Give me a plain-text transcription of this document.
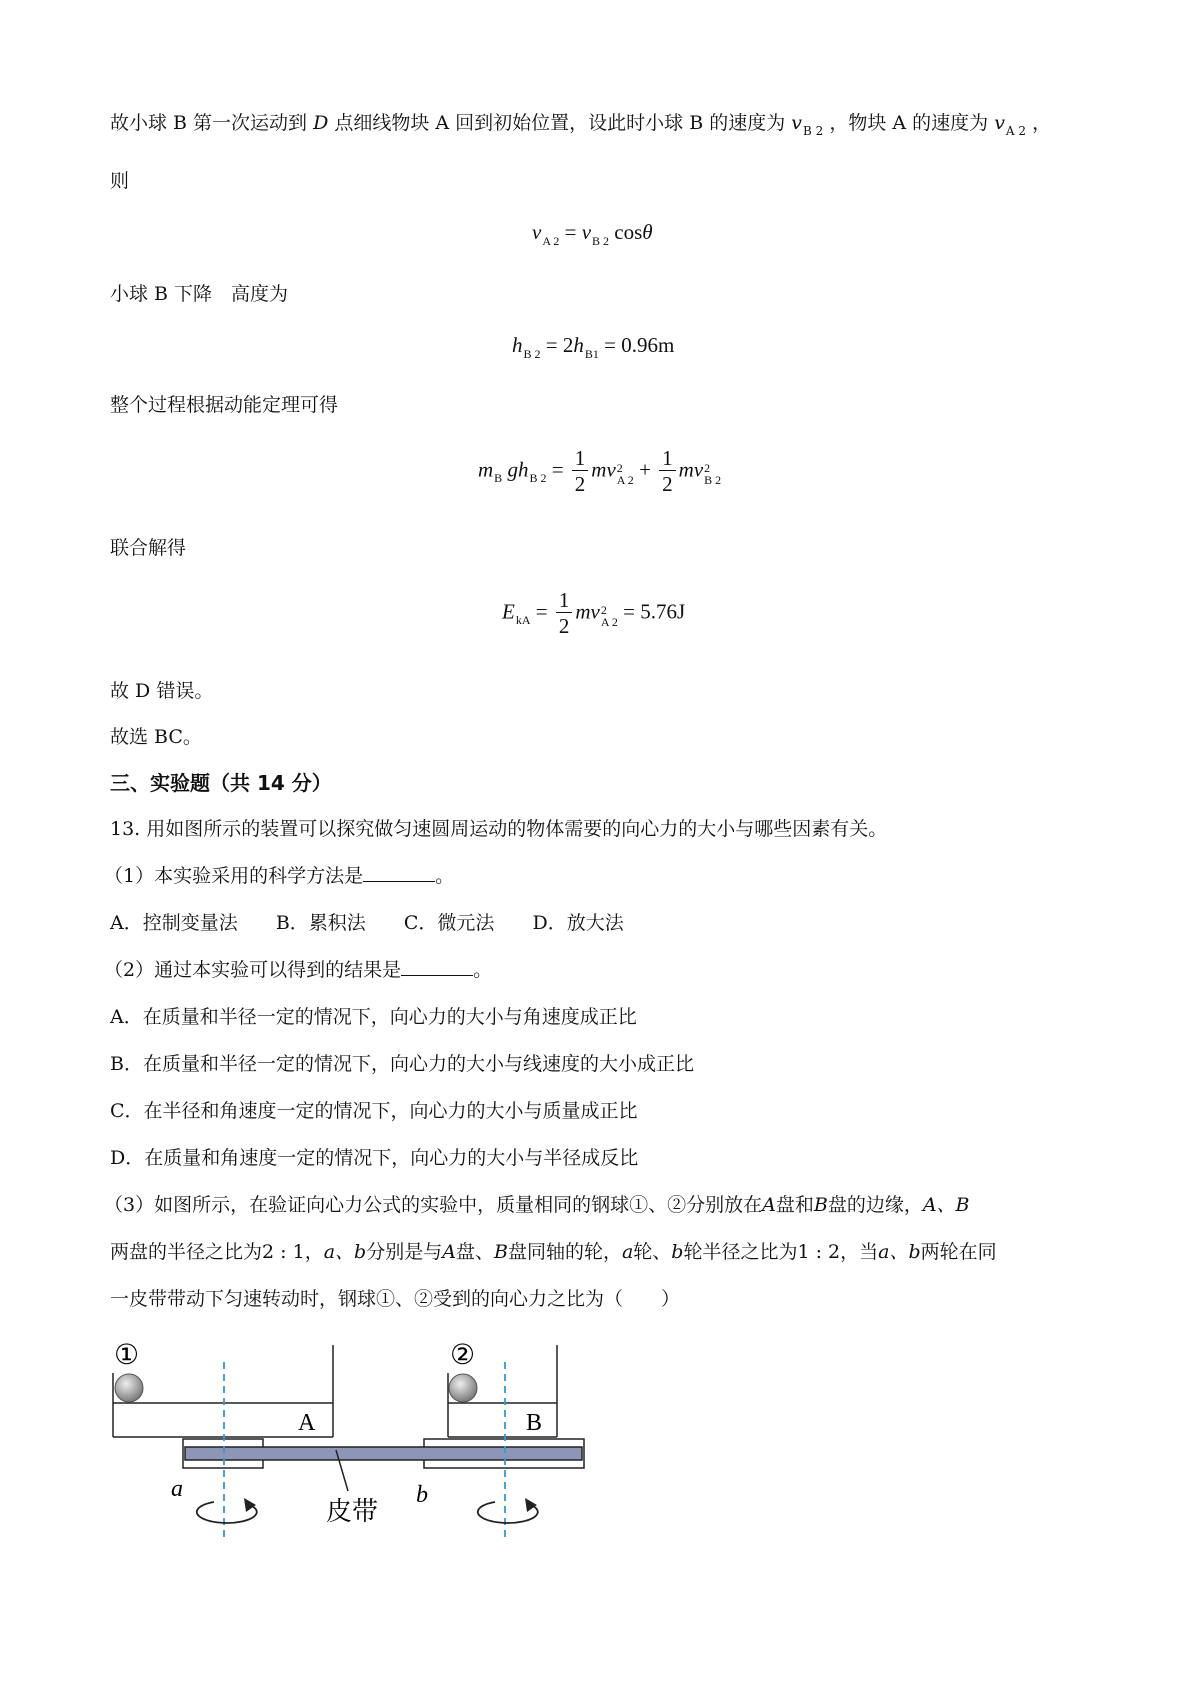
故小球 B 第一次运动到 D 点细线物块 A 回到初始位置，设此时小球 B 的速度为 $v_{B 2}$ ，物块 A 的速度为 $v_{A 2}$ ，
则
$v_{A 2} = v_{B 2}$ cosθ
小球 B 下降　高度为
$h_{B 2} = 2h_{B1} = 0.96m$
整个过程根据动能定理可得
$m_B$ $gh_{B 2} = \frac{1}{2} mv2$
A $2 + \frac{1}{2} mv2$
B 2
联合解得
$E_{kA} = \frac{1}{2} mv2$
A 2 = 5.76J
故 D 错误。
故选 BC。
三、实验题（共 14 分）
13. 用如图所示的装置可以探究做匀速圆周运动的物体需要的向心力的大小与哪些因素有关。
（1）本实验采用的科学方法是	。
A．控制变量法 B．累积法 C．微元法 D．放大法
（2）通过本实验可以得到的结果是	。
A．在质量和半径一定的情况下，向心力的大小与角速度成正比
B．在质量和半径一定的情况下，向心力的大小与线速度的大小成正比
C．在半径和角速度一定的情况下，向心力的大小与质量成正比
D．在质量和角速度一定的情况下，向心力的大小与半径成反比
（3）如图所示，在验证向心力公式的实验中，质量相同的钢球①、②分别放在A盘和B盘的边缘，A、B
两盘的半径之比为2 : 1，a、b分别是与A盘、B盘同轴的轮，a轮、b轮半径之比为1 : 2，当a、b两轮在同
一皮带带动下匀速转动时，钢球①、②受到的向心力之比为（　　）
①	②
A	B
皮带
a	b
